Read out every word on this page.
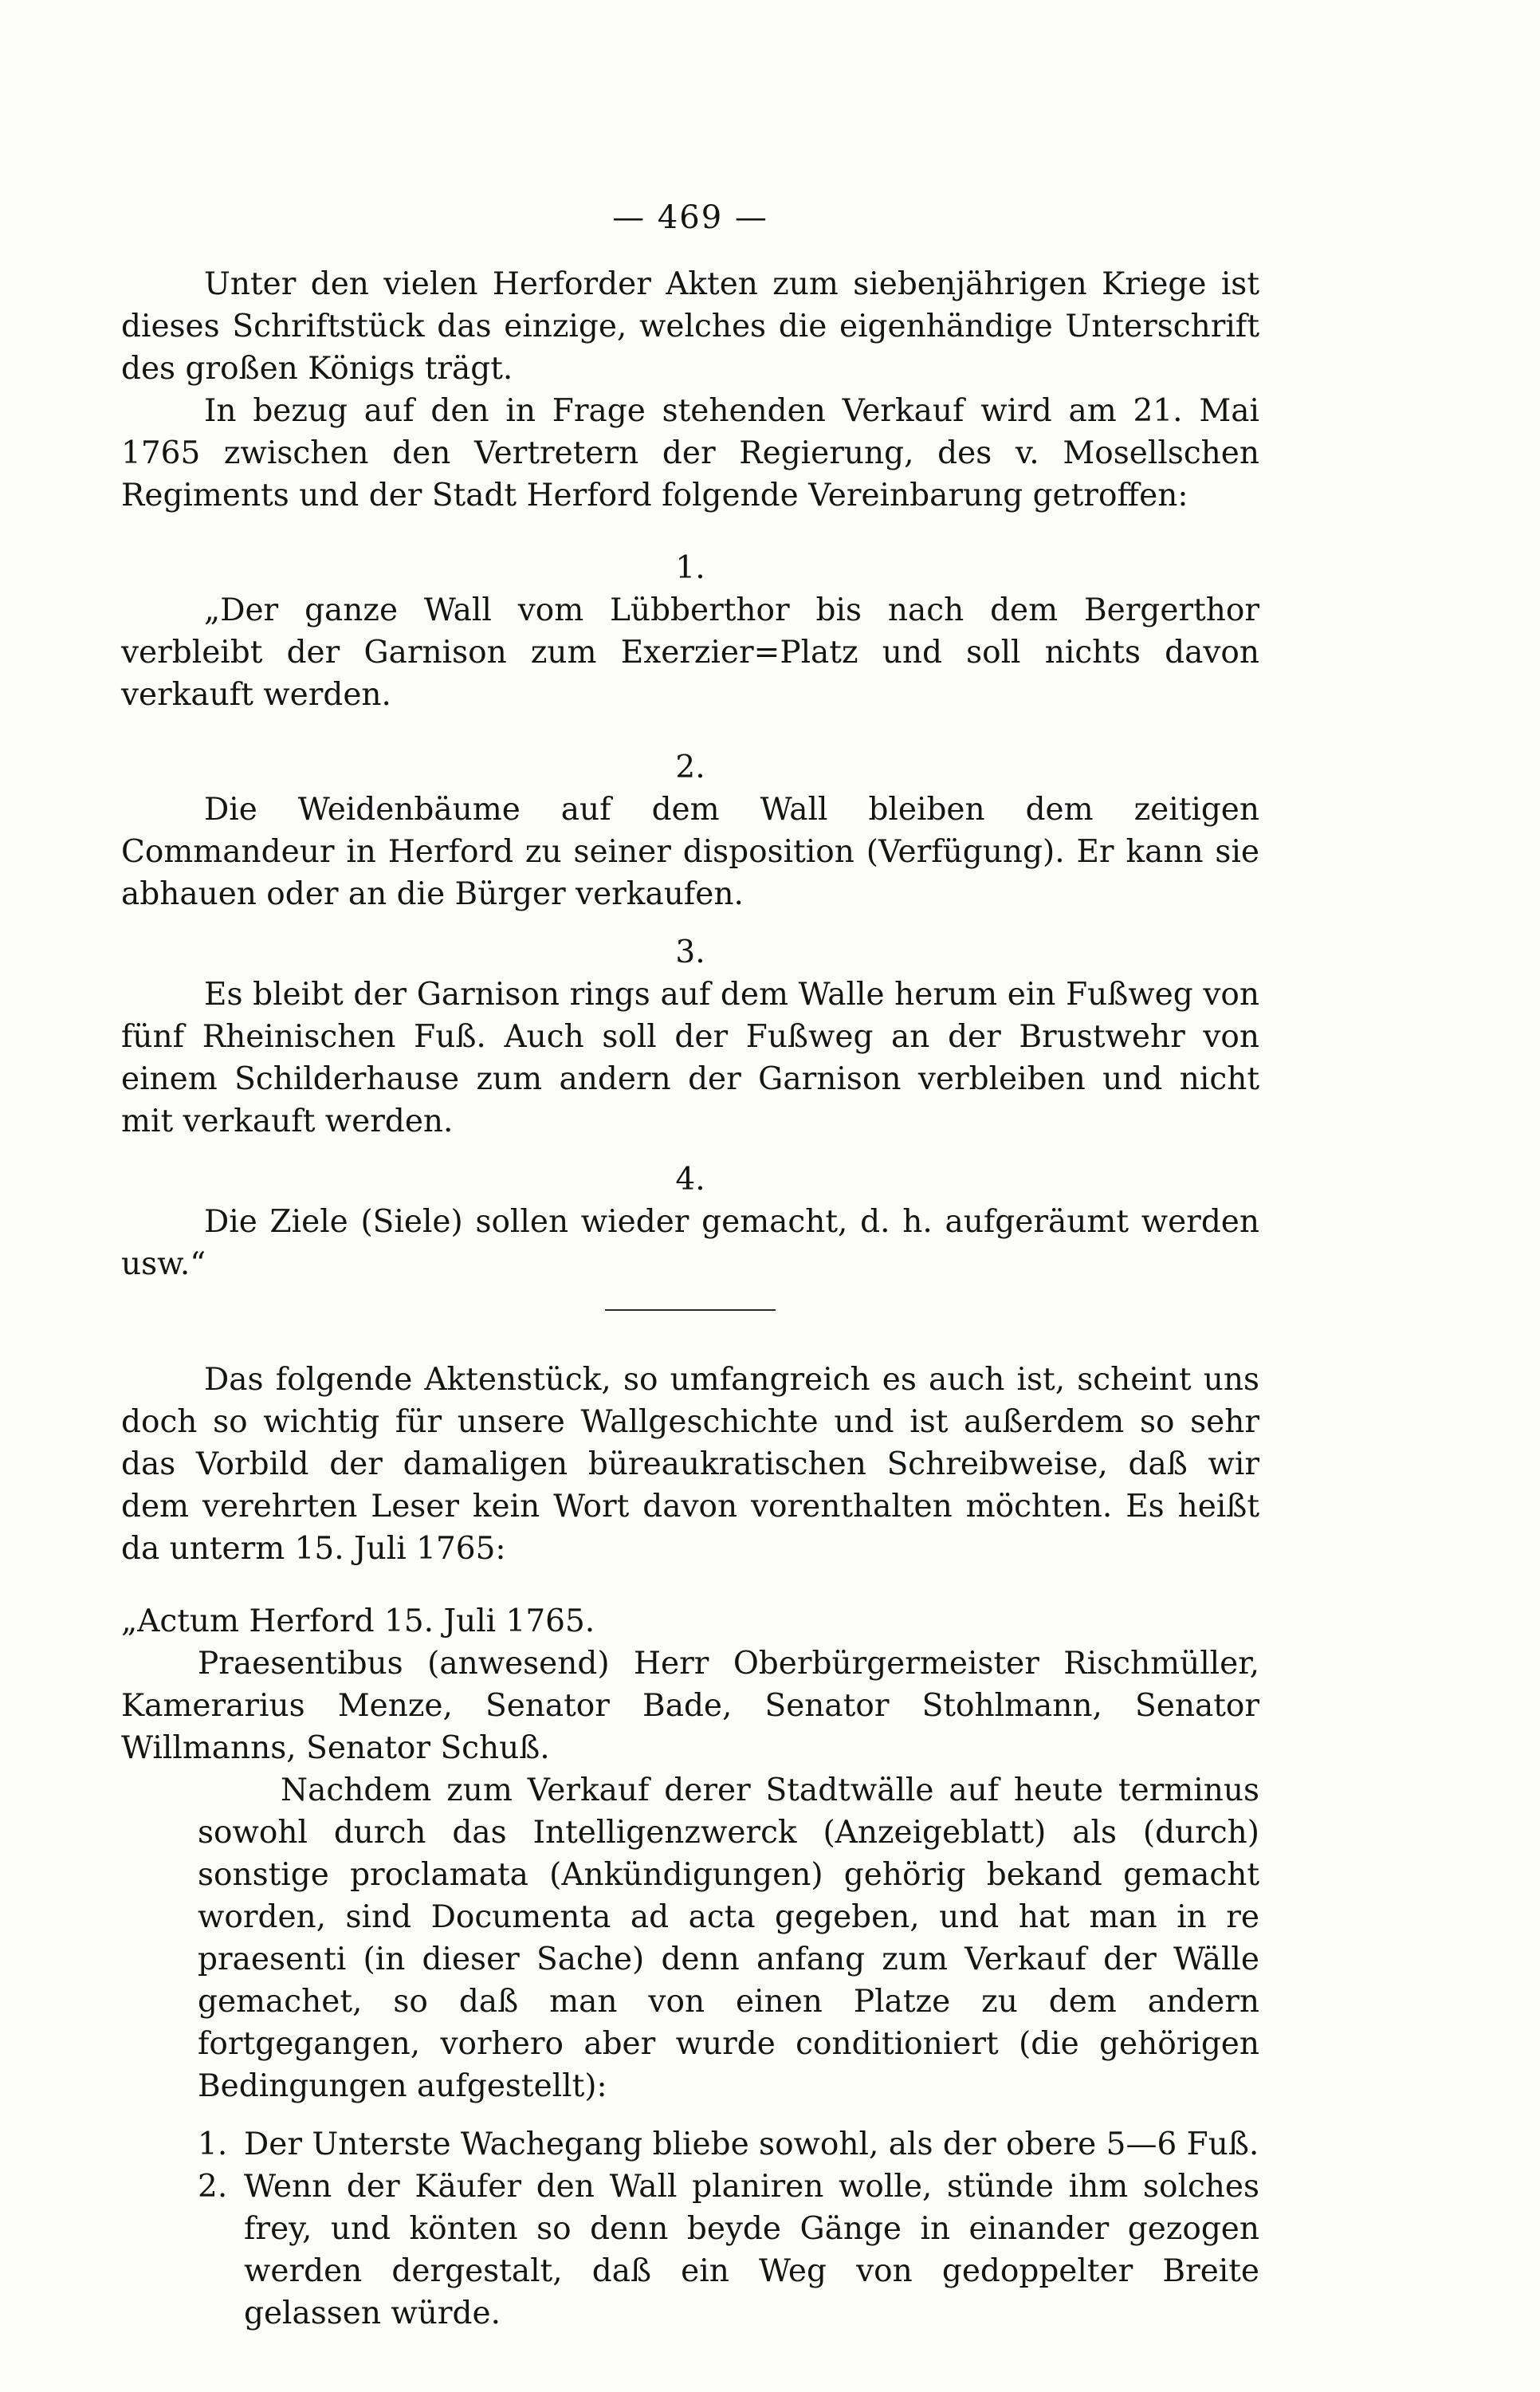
— 469 —

Unter den vielen Herforder Akten zum siebenjährigen Kriege ist dieses Schriftstück das einzige, welches die eigenhändige Unterschrift des großen Königs trägt.

In bezug auf den in Frage stehenden Verkauf wird am 21. Mai 1765 zwischen den Vertretern der Regierung, des v. Mosellschen Regiments und der Stadt Herford folgende Vereinbarung getroffen:

1.

„Der ganze Wall vom Lübberthor bis nach dem Bergerthor verbleibt der Garnison zum Exerzier=Platz und soll nichts davon verkauft werden.

2.

Die Weidenbäume auf dem Wall bleiben dem zeitigen Commandeur in Herford zu seiner disposition (Verfügung). Er kann sie abhauen oder an die Bürger verkaufen.

3.

Es bleibt der Garnison rings auf dem Walle herum ein Fußweg von fünf Rheinischen Fuß. Auch soll der Fußweg an der Brustwehr von einem Schilderhause zum andern der Garnison verbleiben und nicht mit verkauft werden.

4.

Die Ziele (Siele) sollen wieder gemacht, d. h. aufgeräumt werden usw.“

Das folgende Aktenstück, so umfangreich es auch ist, scheint uns doch so wichtig für unsere Wallgeschichte und ist außerdem so sehr das Vorbild der damaligen büreaukratischen Schreibweise, daß wir dem verehrten Leser kein Wort davon vorenthalten möchten. Es heißt da unterm 15. Juli 1765:

„Actum Herford 15. Juli 1765.

Praesentibus (anwesend) Herr Oberbürgermeister Rischmüller, Kamerarius Menze, Senator Bade, Senator Stohlmann, Senator Willmanns, Senator Schuß.

Nachdem zum Verkauf derer Stadtwälle auf heute terminus sowohl durch das Intelligenzwerck (Anzeigeblatt) als (durch) sonstige proclamata (Ankündigungen) gehörig bekand gemacht worden, sind Documenta ad acta gegeben, und hat man in re praesenti (in dieser Sache) denn anfang zum Verkauf der Wälle gemachet, so daß man von einen Platze zu dem andern fortgegangen, vorhero aber wurde conditioniert (die gehörigen Bedingungen aufgestellt):

1. Der Unterste Wachegang bliebe sowohl, als der obere 5—6 Fuß.
2. Wenn der Käufer den Wall planiren wolle, stünde ihm solches frey, und könten so denn beyde Gänge in einander gezogen werden dergestalt, daß ein Weg von gedoppelter Breite gelassen würde.
